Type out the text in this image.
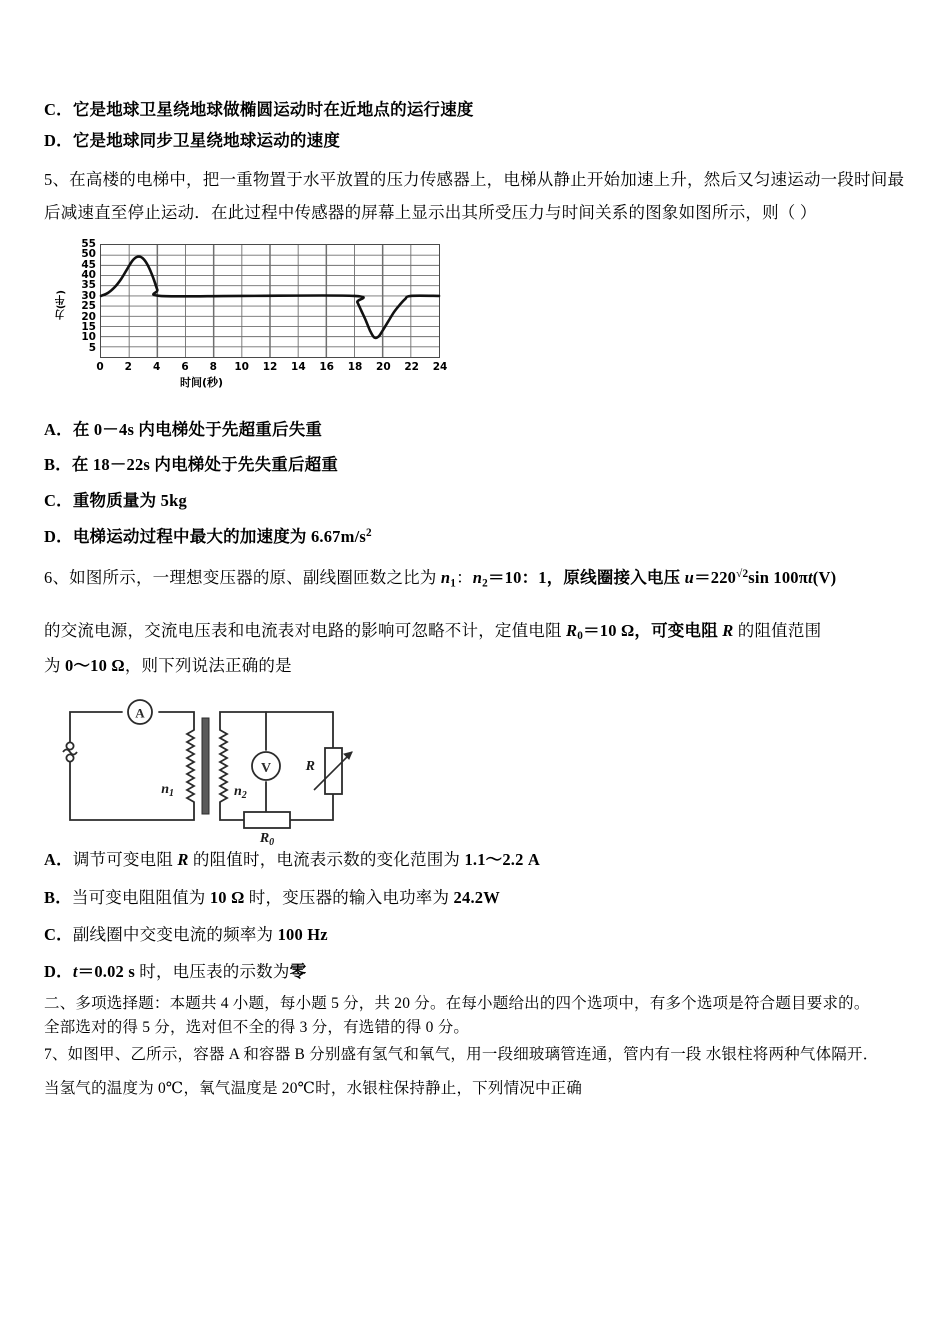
C．它是地球卫星绕地球做椭圆运动时在近地点的运行速度
D．它是地球同步卫星绕地球运动的速度
5、在高楼的电梯中，把一重物置于水平放置的压力传感器上，电梯从静止开始加速上升，然后又匀速运动一段时间最
后减速直至停止运动．在此过程中传感器的屏幕上显示出其所受压力与时间关系的图象如图所示，则（ ）
力(牛)
5
10
15
20
25
30
35
40
45
50
55
0	2	4	6	8	10 12 14 16 18 20 22 24
时间(秒)
A．在 0－4s 内电梯处于先超重后失重
B．在 18－22s 内电梯处于先失重后超重
C．重物质量为 5kg
D．电梯运动过程中最大的加速度为 $6.67m/s^2$
6、如图所示，一理想变压器的原、副线圈匝数之比为 $n_1$：$n_2=10$：1，原线圈接入电压 $u=220^{√2}\sin$ 100πt(V)
的交流电源，交流电压表和电流表对电路的影响可忽略不计，定值电阻 $R_0=10$ Ω，可变电阻 R 的阻值范围
为 0～10 Ω，则下列说法正确的是
A
V
$n_1$	$n_2$
R
$R_0$
A．调节可变电阻 R 的阻值时，电流表示数的变化范围为 1.1～2.2 A
B．当可变电阻阻值为 10 Ω 时，变压器的输入电功率为 24.2W
C．副线圈中交变电流的频率为 100 Hz
D．t＝0.02 s 时，电压表的示数为零
二、多项选择题：本题共 4 小题，每小题 5 分，共 20 分。在每小题给出的四个选项中，有多个选项是符合题目要求的。
全部选对的得 5 分，选对但不全的得 3 分，有选错的得 0 分。
7、如图甲、乙所示，容器 A 和容器 B 分别盛有氢气和氧气，用一段细玻璃管连通，管内有一段 水银柱将两种气体隔开．
当氢气的温度为 0℃，氧气温度是 20℃时，水银柱保持静止，下列情况中正确
